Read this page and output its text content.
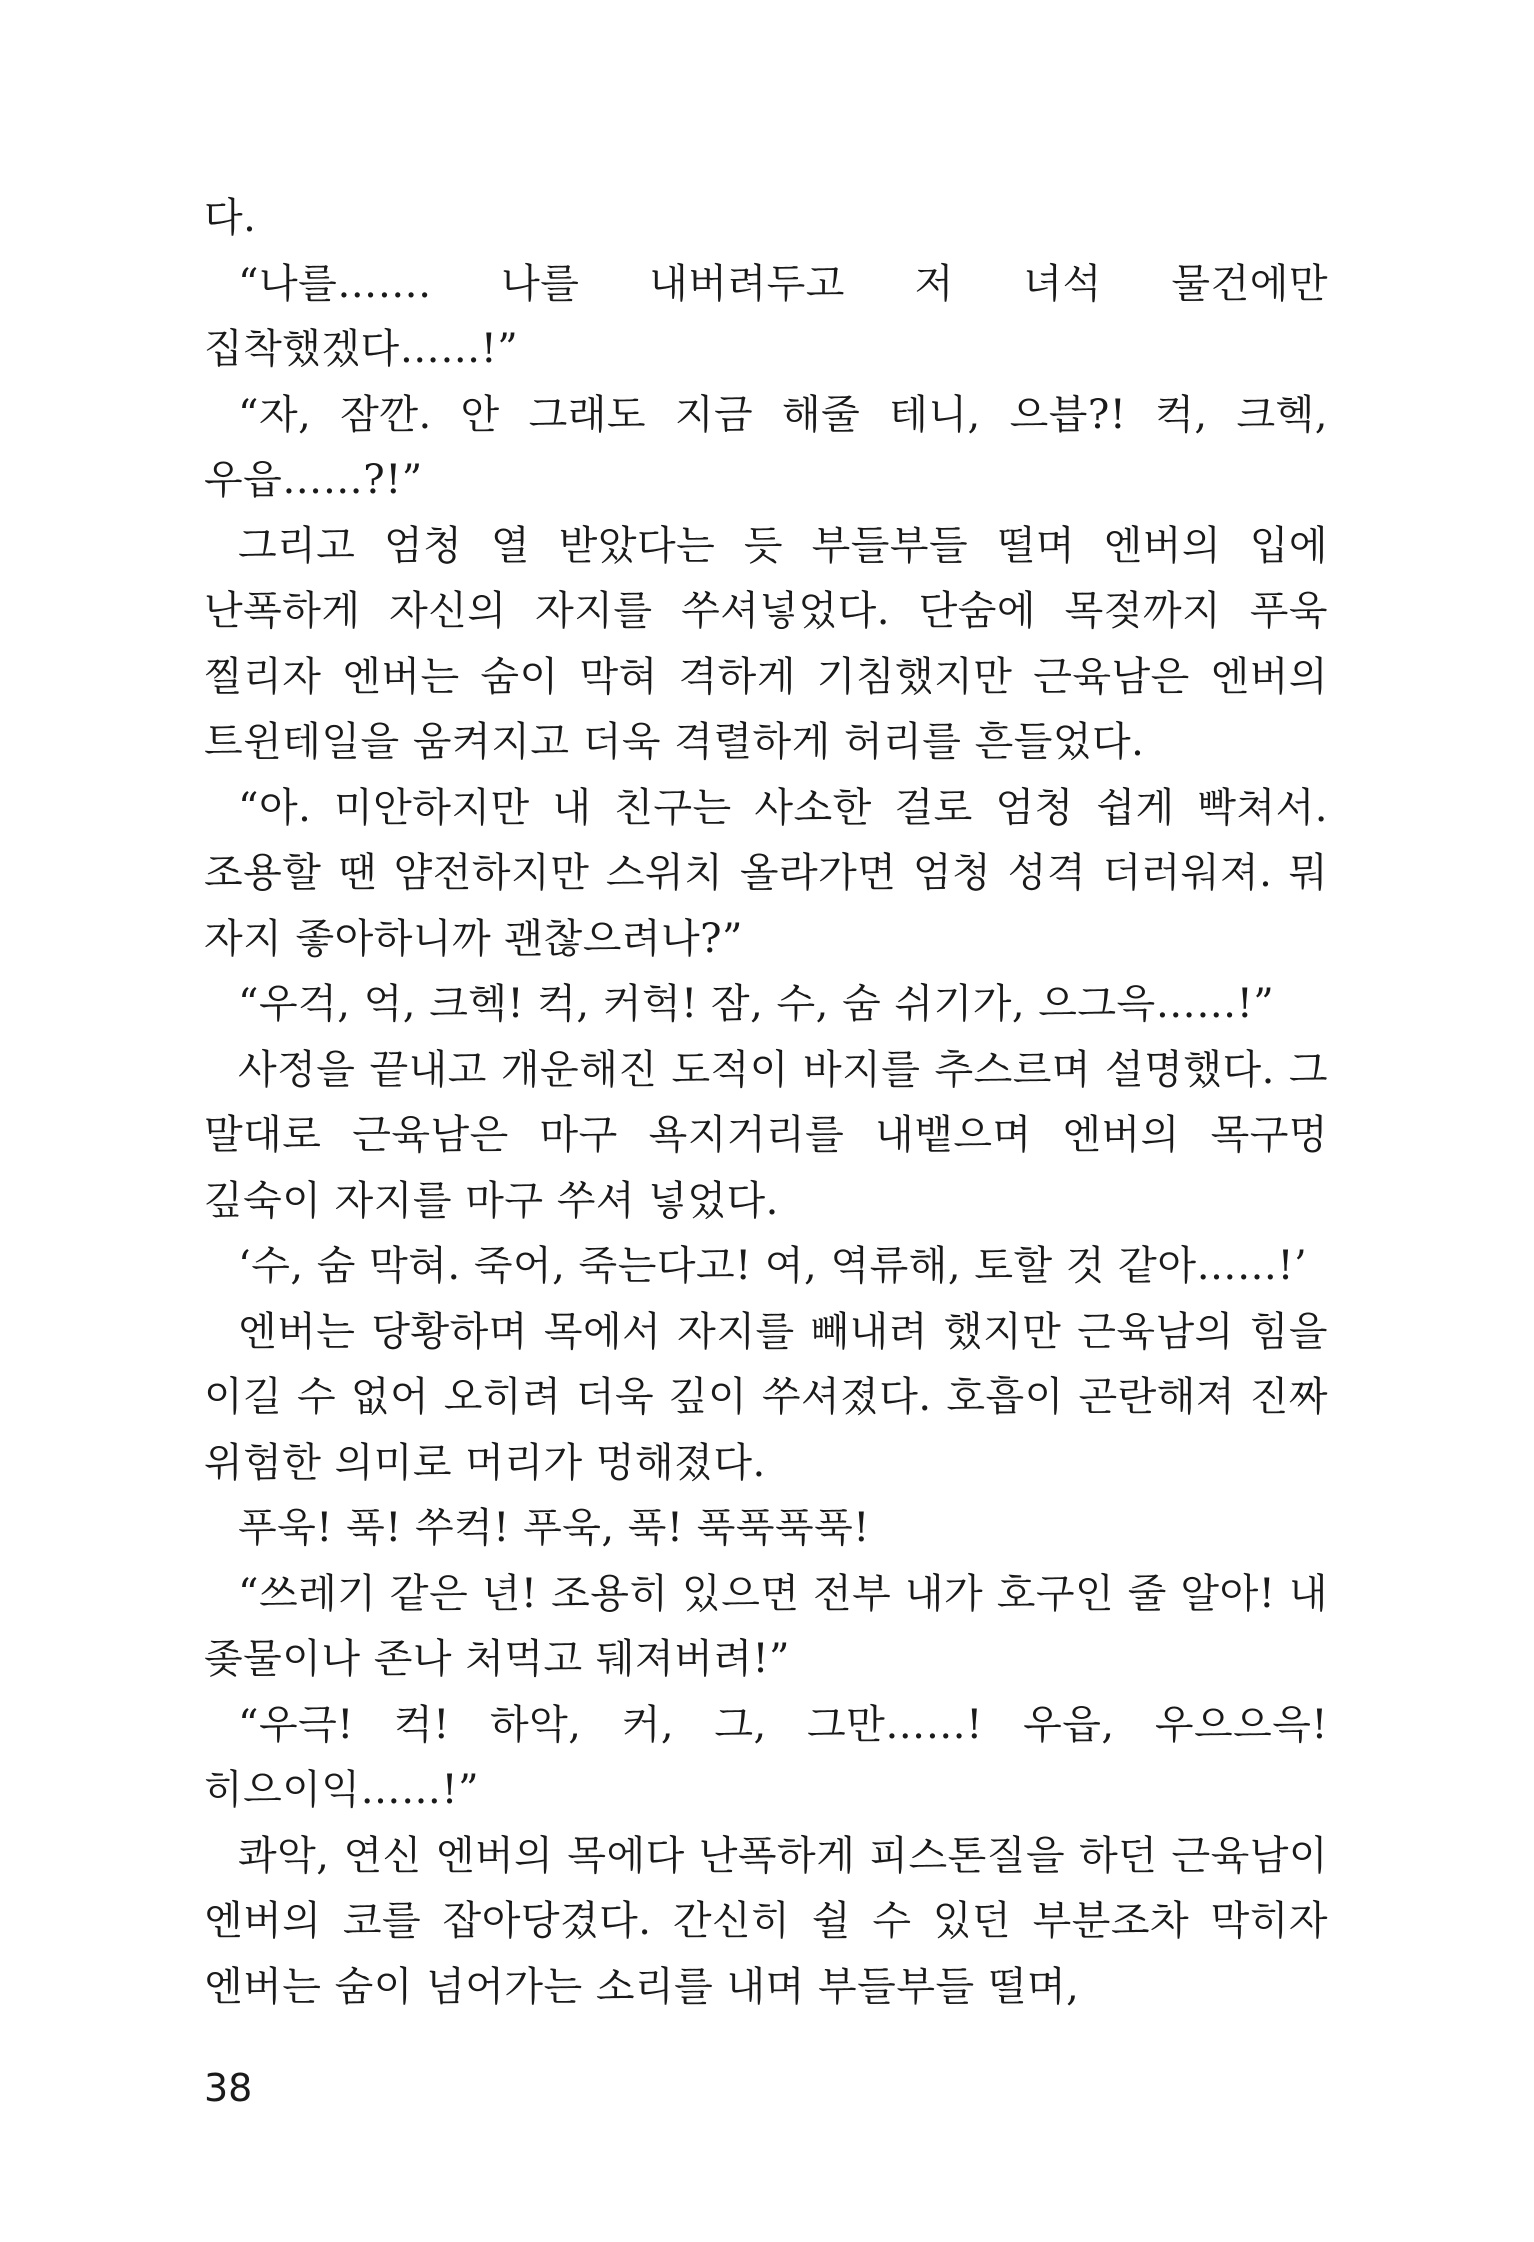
다.

“나를……. 나를 내버려두고 저 녀석 물건에만 집착했겠다……!”

“자, 잠깐. 안 그래도 지금 해줄 테니, 으븝?! 컥, 크헥, 우읍……?!”

그리고 엄청 열 받았다는 듯 부들부들 떨며 엔버의 입에 난폭하게 자신의 자지를 쑤셔넣었다. 단숨에 목젖까지 푸욱 찔리자 엔버는 숨이 막혀 격하게 기침했지만 근육남은 엔버의 트윈테일을 움켜지고 더욱 격렬하게 허리를 흔들었다.

“아. 미안하지만 내 친구는 사소한 걸로 엄청 쉽게 빡쳐서. 조용할 땐 얌전하지만 스위치 올라가면 엄청 성격 더러워져. 뭐 자지 좋아하니까 괜찮으려나?”

“우걱, 억, 크헥! 컥, 커헉! 잠, 수, 숨 쉬기가, 으그윽……!”

사정을 끝내고 개운해진 도적이 바지를 추스르며 설명했다. 그 말대로 근육남은 마구 욕지거리를 내뱉으며 엔버의 목구멍 깊숙이 자지를 마구 쑤셔 넣었다.

‘수, 숨 막혀. 죽어, 죽는다고! 여, 역류해, 토할 것 같아……!’

엔버는 당황하며 목에서 자지를 빼내려 했지만 근육남의 힘을 이길 수 없어 오히려 더욱 깊이 쑤셔졌다. 호흡이 곤란해져 진짜 위험한 의미로 머리가 멍해졌다.

푸욱! 푹! 쑤컥! 푸욱, 푹! 푹푹푹푹!

“쓰레기 같은 년! 조용히 있으면 전부 내가 호구인 줄 알아! 내 좆물이나 존나 처먹고 뒈져버려!”

“우극! 컥! 하악, 커, 그, 그만……! 우읍, 우으으윽! 히으이익……!”

콰악, 연신 엔버의 목에다 난폭하게 피스톤질을 하던 근육남이 엔버의 코를 잡아당겼다. 간신히 쉴 수 있던 부분조차 막히자 엔버는 숨이 넘어가는 소리를 내며 부들부들 떨며,

38
